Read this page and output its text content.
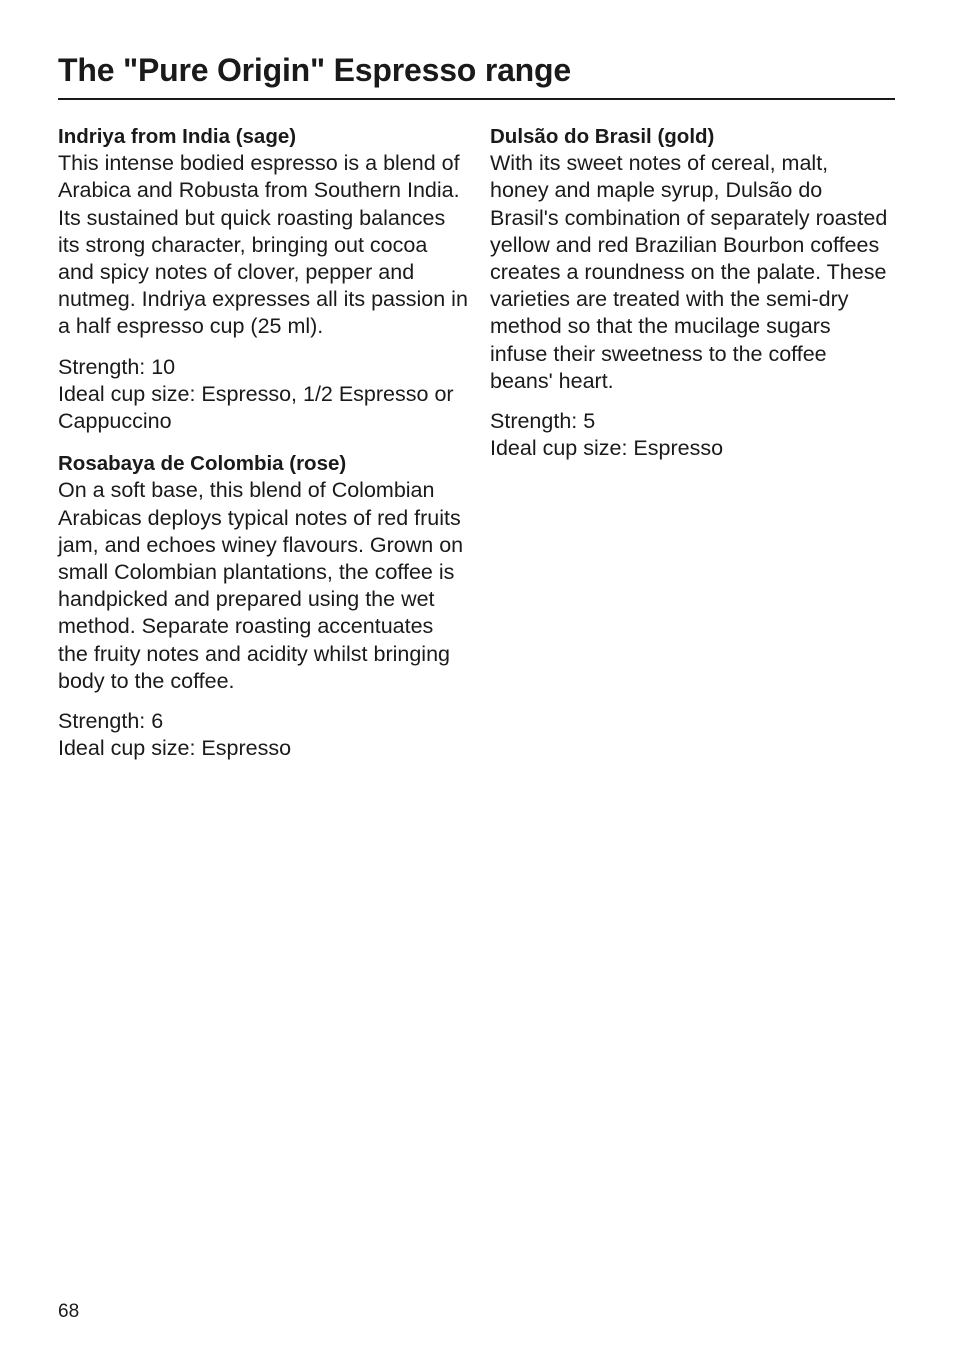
The "Pure Origin" Espresso range
Indriya from India (sage)

This intense bodied espresso is a blend of Arabica and Robusta from Southern India. Its sustained but quick roasting balances its strong character, bringing out cocoa and spicy notes of clover, pepper and nutmeg. Indriya expresses all its passion in a half espresso cup (25 ml).

Strength: 10
Ideal cup size: Espresso, 1/2 Espresso or Cappuccino
Rosabaya de Colombia (rose)

On a soft base, this blend of Colombian Arabicas deploys typical notes of red fruits jam, and echoes winey flavours. Grown on small Colombian plantations, the coffee is handpicked and prepared using the wet method. Separate roasting accentuates the fruity notes and acidity whilst bringing body to the coffee.

Strength: 6
Ideal cup size: Espresso
Dulsão do Brasil (gold)

With its sweet notes of cereal, malt, honey and maple syrup, Dulsão do Brasil's combination of separately roasted yellow and red Brazilian Bourbon coffees creates a roundness on the palate. These varieties are treated with the semi-dry method so that the mucilage sugars infuse their sweetness to the coffee beans' heart.

Strength: 5
Ideal cup size: Espresso
68
